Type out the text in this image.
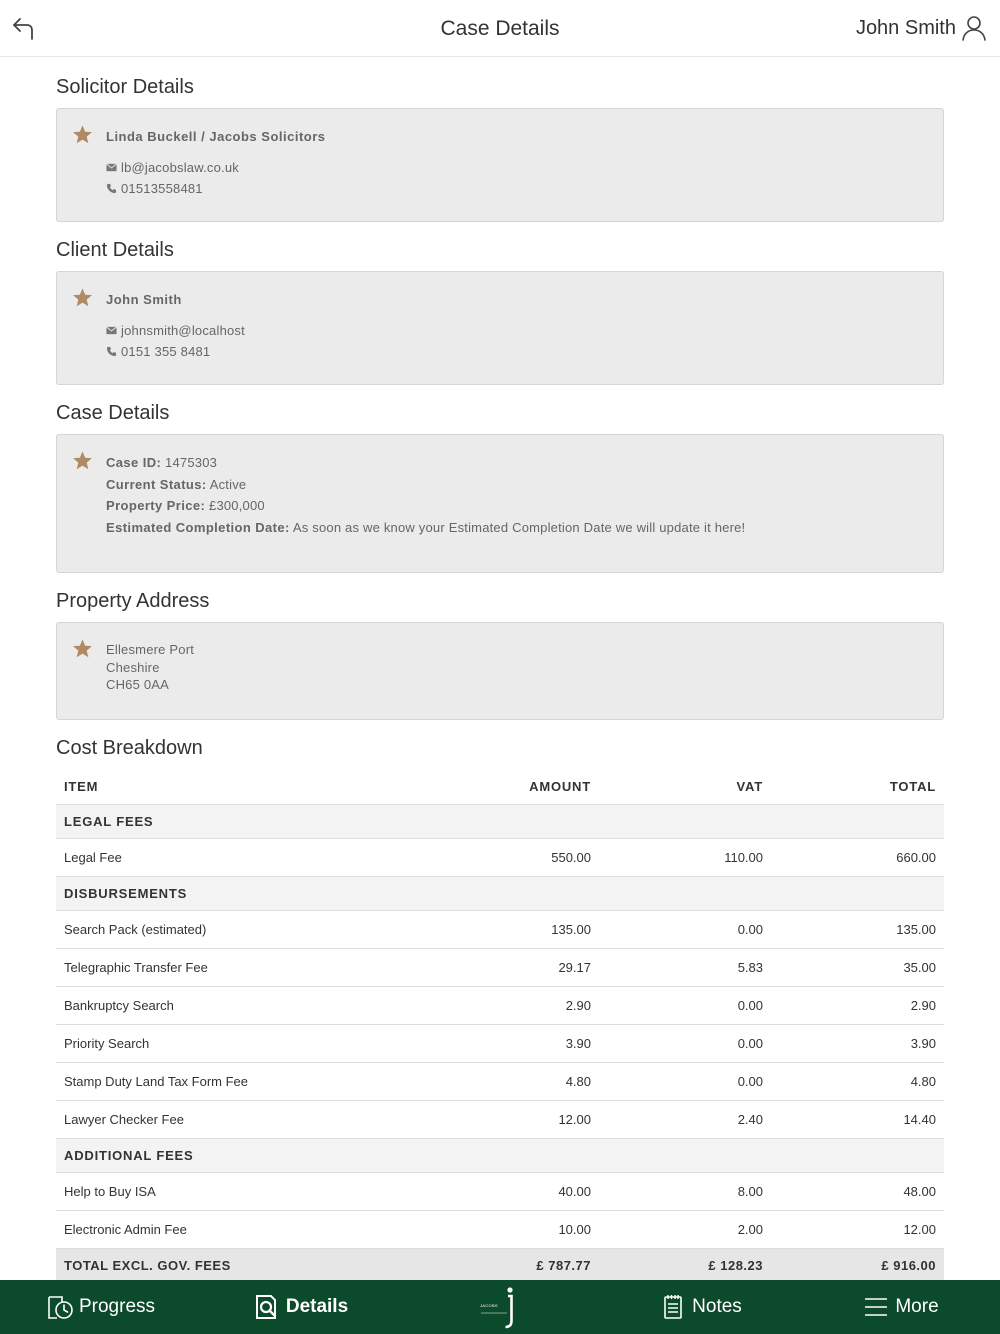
Case Details	John Smith
Solicitor Details
Linda Buckell / Jacobs Solicitors
lb@jacobslaw.co.uk
01513558481
Client Details
John Smith
johnsmith@localhost
0151 355 8481
Case Details
Case ID: 1475303
Current Status: Active
Property Price: £300,000
Estimated Completion Date: As soon as we know your Estimated Completion Date we will update it here!
Property Address
Ellesmere Port
Cheshire
CH65 0AA
Cost Breakdown
ITEM	AMOUNT	VAT	TOTAL
LEGAL FEES			
Legal Fee	550.00	110.00	660.00
DISBURSEMENTS			
Search Pack (estimated)	135.00	0.00	135.00
Telegraphic Transfer Fee	29.17	5.83	35.00
Bankruptcy Search	2.90	0.00	2.90
Priority Search	3.90	0.00	3.90
Stamp Duty Land Tax Form Fee	4.80	0.00	4.80
Lawyer Checker Fee	12.00	2.40	14.40
ADDITIONAL FEES			
Help to Buy ISA	40.00	8.00	48.00
Electronic Admin Fee	10.00	2.00	12.00
TOTAL EXCL. GOV. FEES	£ 787.77	£ 128.23	£ 916.00
Progress	Details	JACOBS	Notes	More
